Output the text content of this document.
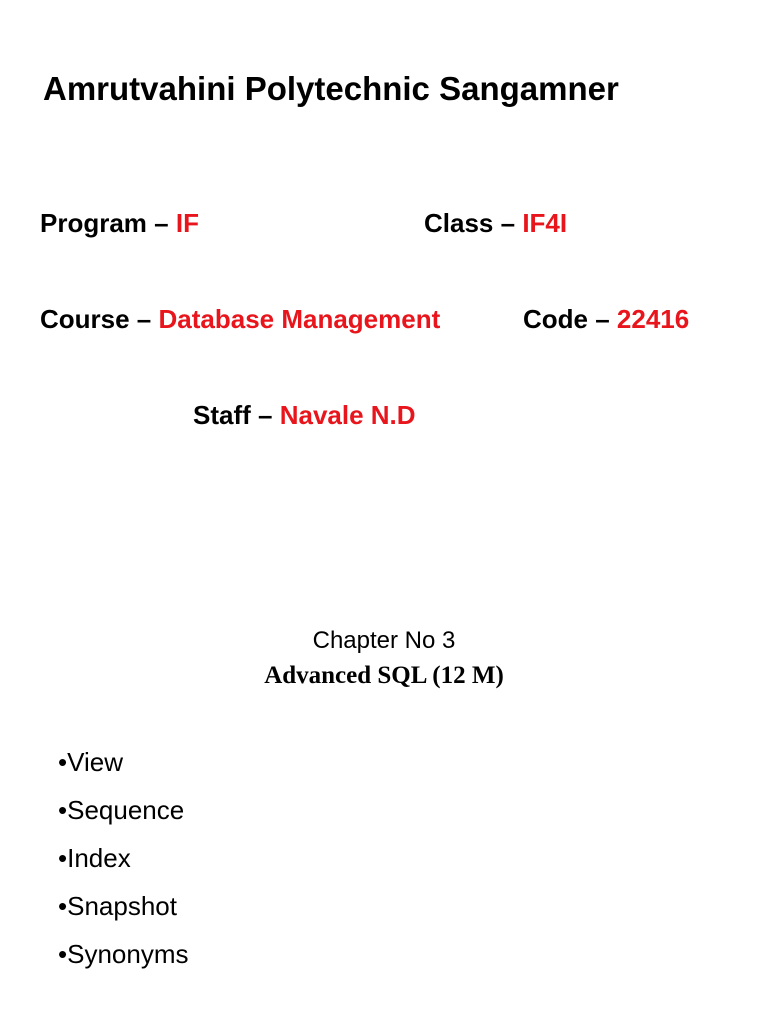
Amrutvahini Polytechnic Sangamner
Program – IF	Class – IF4I
Course – Database Management	Code – 22416
Staff – Navale N.D
Chapter No 3
Advanced SQL (12 M)
•View
•Sequence
•Index
•Snapshot
•Synonyms
